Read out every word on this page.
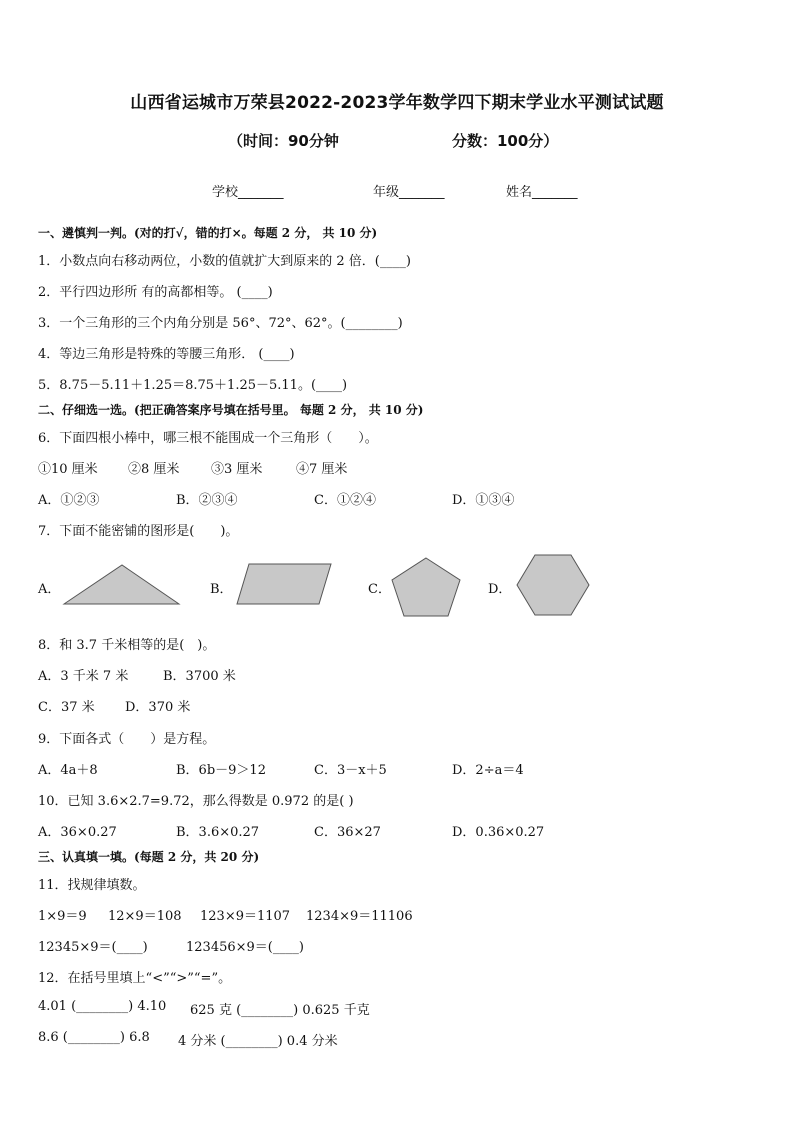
山西省运城市万荣县2022-2023学年数学四下期末学业水平测试试题
（时间：90分钟	分数：100分）
学校_______	年级_______	姓名_______
一、遴慎判一判。(对的打√，错的打×。每题 2 分， 共 10 分)
1．小数点向右移动两位，小数的值就扩大到原来的 2 倍．(____)
2．平行四边形所 有的高都相等。 (____)
3．一个三角形的三个内角分别是 56°、72°、62°。(________)
4．等边三角形是特殊的等腰三角形． (____)
5．8.75－5.11＋1.25＝8.75＋1.25－5.11。(____)
二、仔细选一选。(把正确答案序号填在括号里。 每题 2 分， 共 10 分)
6．下面四根小棒中，哪三根不能围成一个三角形（　　）。
①10 厘米 ②8 厘米 ③3 厘米	④7 厘米
A．①②③	B．②③④	C．①②④	D．①③④
7．下面不能密铺的图形是(　　)。
A．	B．	C．	D．
8．和 3.7 千米相等的是(　)。
A．3 千米 7 米	B．3700 米
C．37 米 D．370 米
9．下面各式（　　）是方程。
A．4a＋8	B．6b－9＞12	C．3－x＋5	D．2÷a＝4
10．已知 3.6×2.7=9.72，那么得数是 0.972 的是( )
A．36×0.27	B．3.6×0.27	C．36×27	D．0.36×0.27
三、认真填一填。(每题 2 分，共 20 分)
11．找规律填数。
1×9＝9 12×9＝108 123×9＝1107 1234×9＝11106
12345×9＝(____)	123456×9＝(____)
12．在括号里填上“<”“>”“=”。
4.01 (________) 4.10 625 克 (________) 0.625 千克
8.6 (________) 6.8 4 分米 (________) 0.4 分米
